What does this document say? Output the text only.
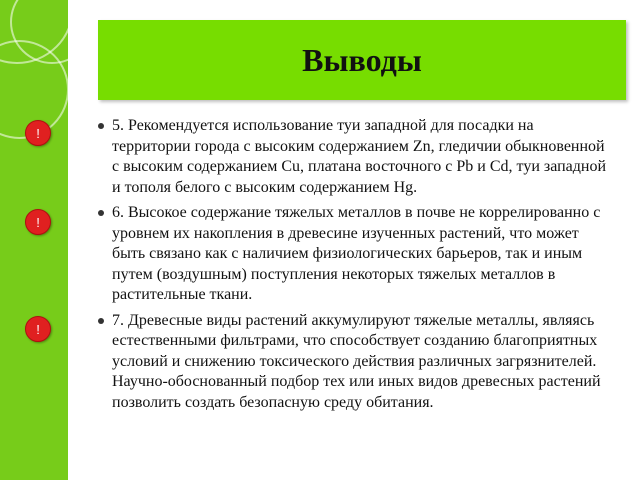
Выводы
!
!
!
5. Рекомендуется использование туи западной для посадки на территории города с высоким содержанием Zn, гледичии обыкновенной с высоким содержанием Cu, платана восточного с Pb и Cd, туи западной и тополя белого с высоким содержанием Hg.
6. Высокое содержание тяжелых металлов в почве не коррелированно с уровнем их накопления в древесине изученных растений, что может быть связано как с наличием физиологических барьеров, так и иным путем (воздушным) поступления некоторых тяжелых металлов в растительные ткани.
7. Древесные виды растений аккумулируют тяжелые металлы, являясь естественными фильтрами, что способствует созданию благоприятных условий и снижению токсического действия различных загрязнителей. Научно-обоснованный подбор тех или иных видов древесных растений позволить создать безопасную среду обитания.
